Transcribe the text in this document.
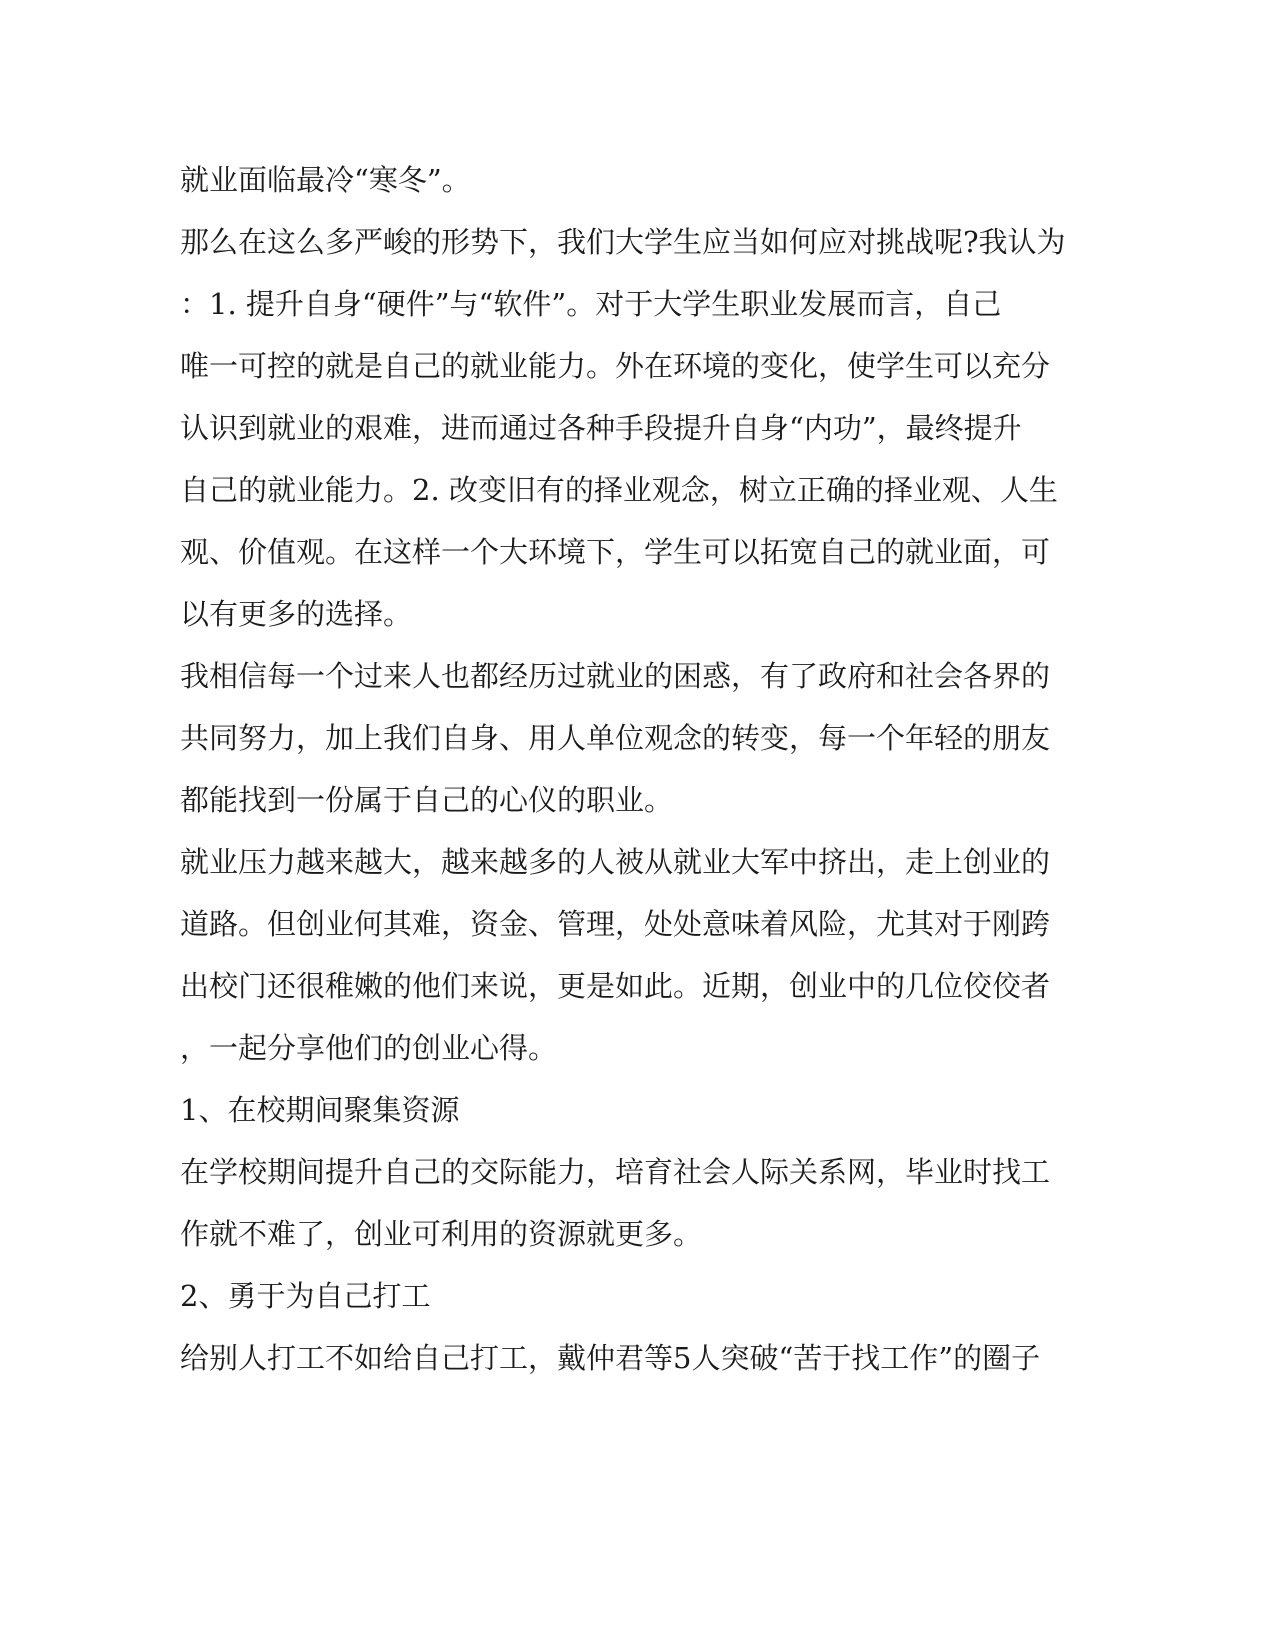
就业面临最冷“寒冬”。

那么在这么多严峻的形势下，我们大学生应当如何应对挑战呢?我认为

：1. 提升自身“硬件”与“软件”。对于大学生职业发展而言，自己

唯一可控的就是自己的就业能力。外在环境的变化，使学生可以充分

认识到就业的艰难，进而通过各种手段提升自身“内功”，最终提升

自己的就业能力。2. 改变旧有的择业观念，树立正确的择业观、人生

观、价值观。在这样一个大环境下，学生可以拓宽自己的就业面，可

以有更多的选择。

我相信每一个过来人也都经历过就业的困惑，有了政府和社会各界的

共同努力，加上我们自身、用人单位观念的转变，每一个年轻的朋友

都能找到一份属于自己的心仪的职业。

就业压力越来越大，越来越多的人被从就业大军中挤出，走上创业的

道路。但创业何其难，资金、管理，处处意味着风险，尤其对于刚跨

出校门还很稚嫩的他们来说，更是如此。近期，创业中的几位佼佼者

，一起分享他们的创业心得。

1、在校期间聚集资源

在学校期间提升自己的交际能力，培育社会人际关系网，毕业时找工

作就不难了，创业可利用的资源就更多。

2、勇于为自己打工

给别人打工不如给自己打工，戴仲君等5人突破“苦于找工作”的圈子
